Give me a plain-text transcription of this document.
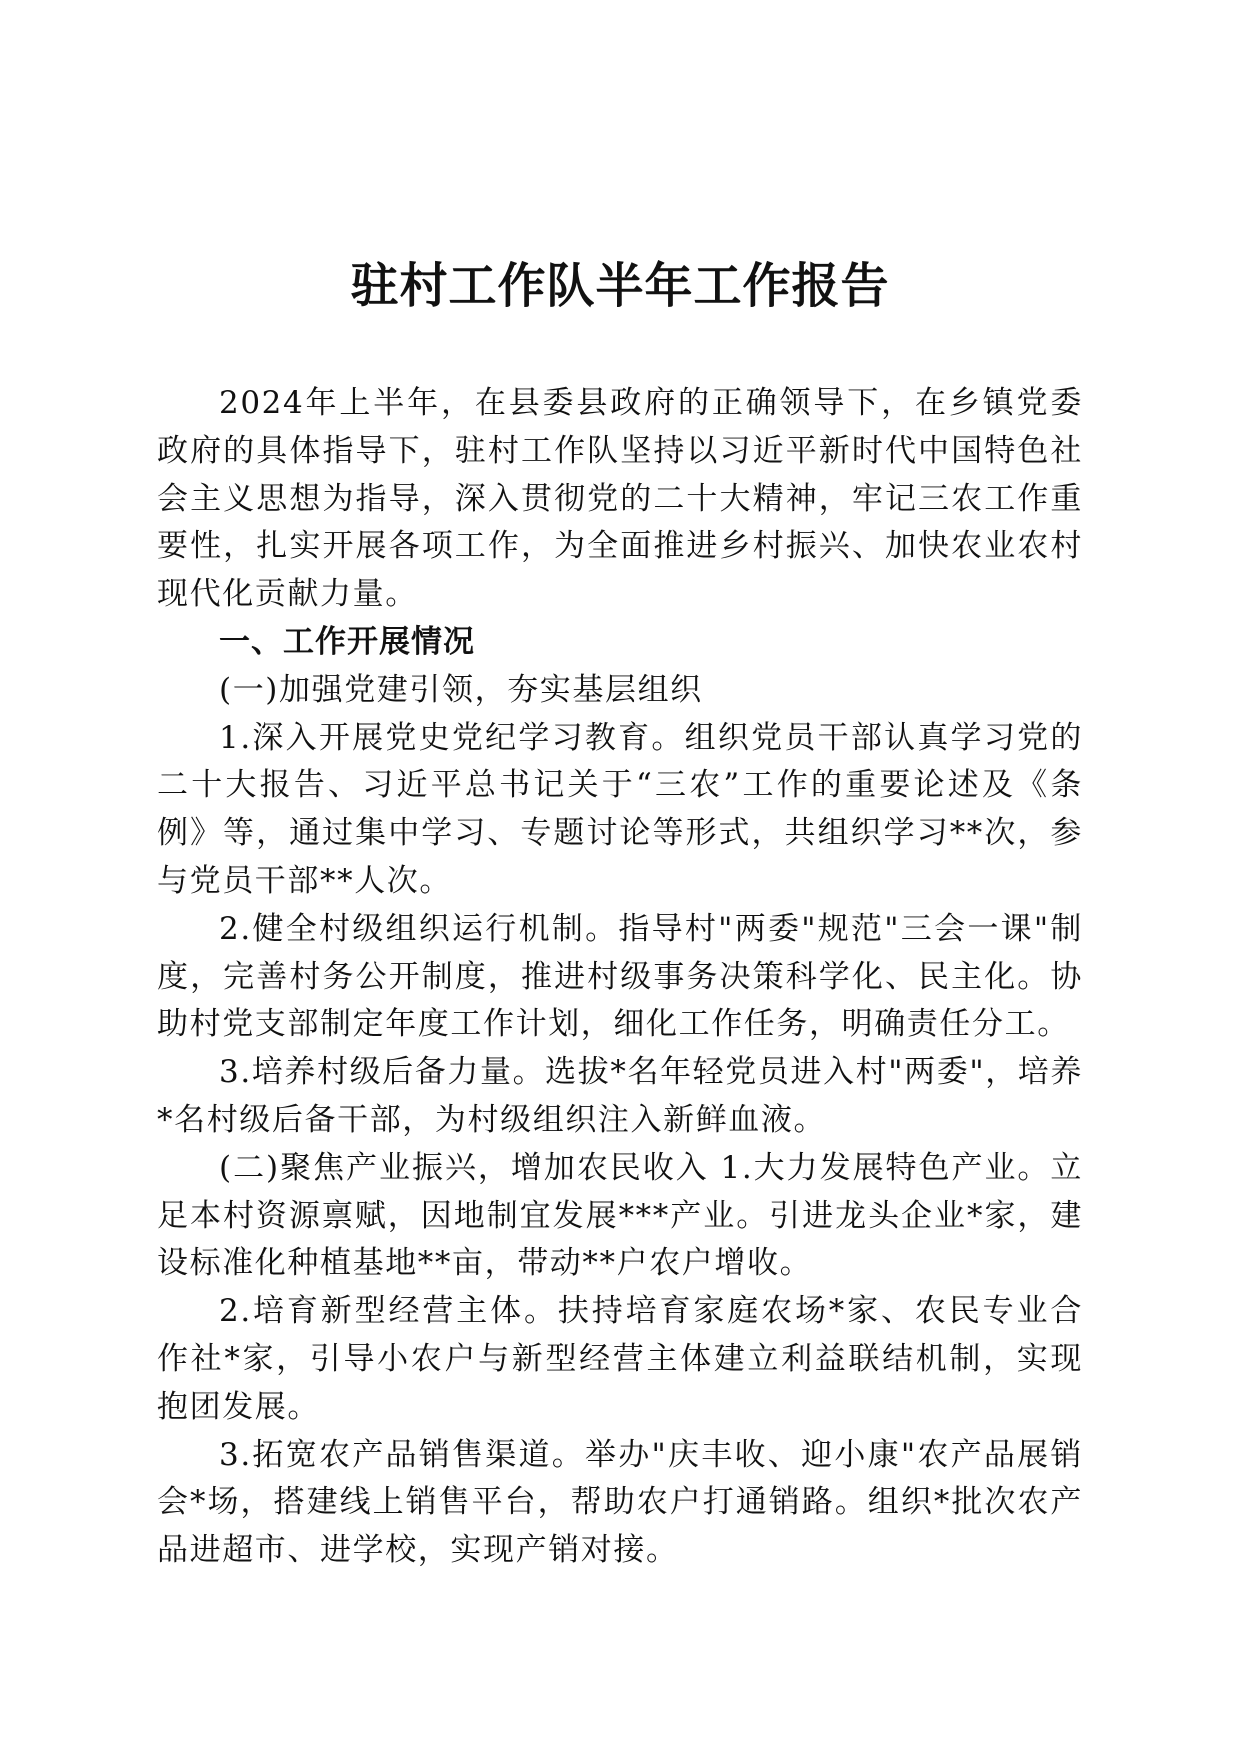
驻村工作队半年工作报告

2024年上半年，在县委县政府的正确领导下，在乡镇党委政府的具体指导下，驻村工作队坚持以习近平新时代中国特色社会主义思想为指导，深入贯彻党的二十大精神，牢记三农工作重要性，扎实开展各项工作，为全面推进乡村振兴、加快农业农村现代化贡献力量。

一、工作开展情况

(一)加强党建引领，夯实基层组织

1.深入开展党史党纪学习教育。组织党员干部认真学习党的二十大报告、习近平总书记关于“三农”工作的重要论述及《条例》等，通过集中学习、专题讨论等形式，共组织学习**次，参与党员干部**人次。

2.健全村级组织运行机制。指导村"两委"规范"三会一课"制度，完善村务公开制度，推进村级事务决策科学化、民主化。协助村党支部制定年度工作计划，细化工作任务，明确责任分工。

3.培养村级后备力量。选拔*名年轻党员进入村"两委"，培养*名村级后备干部，为村级组织注入新鲜血液。

(二)聚焦产业振兴，增加农民收入 1.大力发展特色产业。立足本村资源禀赋，因地制宜发展***产业。引进龙头企业*家，建设标准化种植基地**亩，带动**户农户增收。

2.培育新型经营主体。扶持培育家庭农场*家、农民专业合作社*家，引导小农户与新型经营主体建立利益联结机制，实现抱团发展。

3.拓宽农产品销售渠道。举办"庆丰收、迎小康"农产品展销会*场，搭建线上销售平台，帮助农户打通销路。组织*批次农产品进超市、进学校，实现产销对接。
